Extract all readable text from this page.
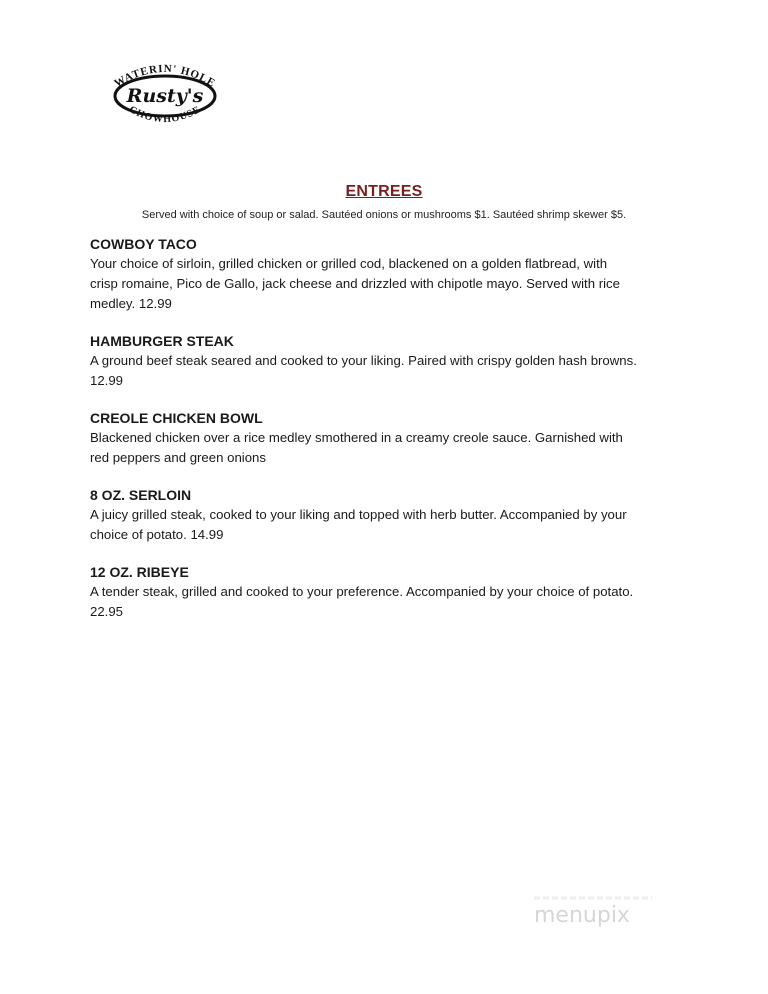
WATERIN' HOLE
Rusty's
CHOWHOUSE
ENTREES
Served with choice of soup or salad. Sautéed onions or mushrooms $1. Sautéed shrimp skewer $5.

COWBOY TACO

Your choice of sirloin, grilled chicken or grilled cod, blackened on a golden flatbread, with

crisp romaine, Pico de Gallo, jack cheese and drizzled with chipotle mayo. Served with rice

medley. 12.99

HAMBURGER STEAK

A ground beef steak seared and cooked to your liking. Paired with crispy golden hash browns.

12.99

CREOLE CHICKEN BOWL

Blackened chicken over a rice medley smothered in a creamy creole sauce. Garnished with

red peppers and green onions

8 OZ. SERLOIN

A juicy grilled steak, cooked to your liking and topped with herb butter. Accompanied by your

choice of potato. 14.99

12 OZ. RIBEYE

A tender steak, grilled and cooked to your preference. Accompanied by your choice of potato.

22.95

menupix
